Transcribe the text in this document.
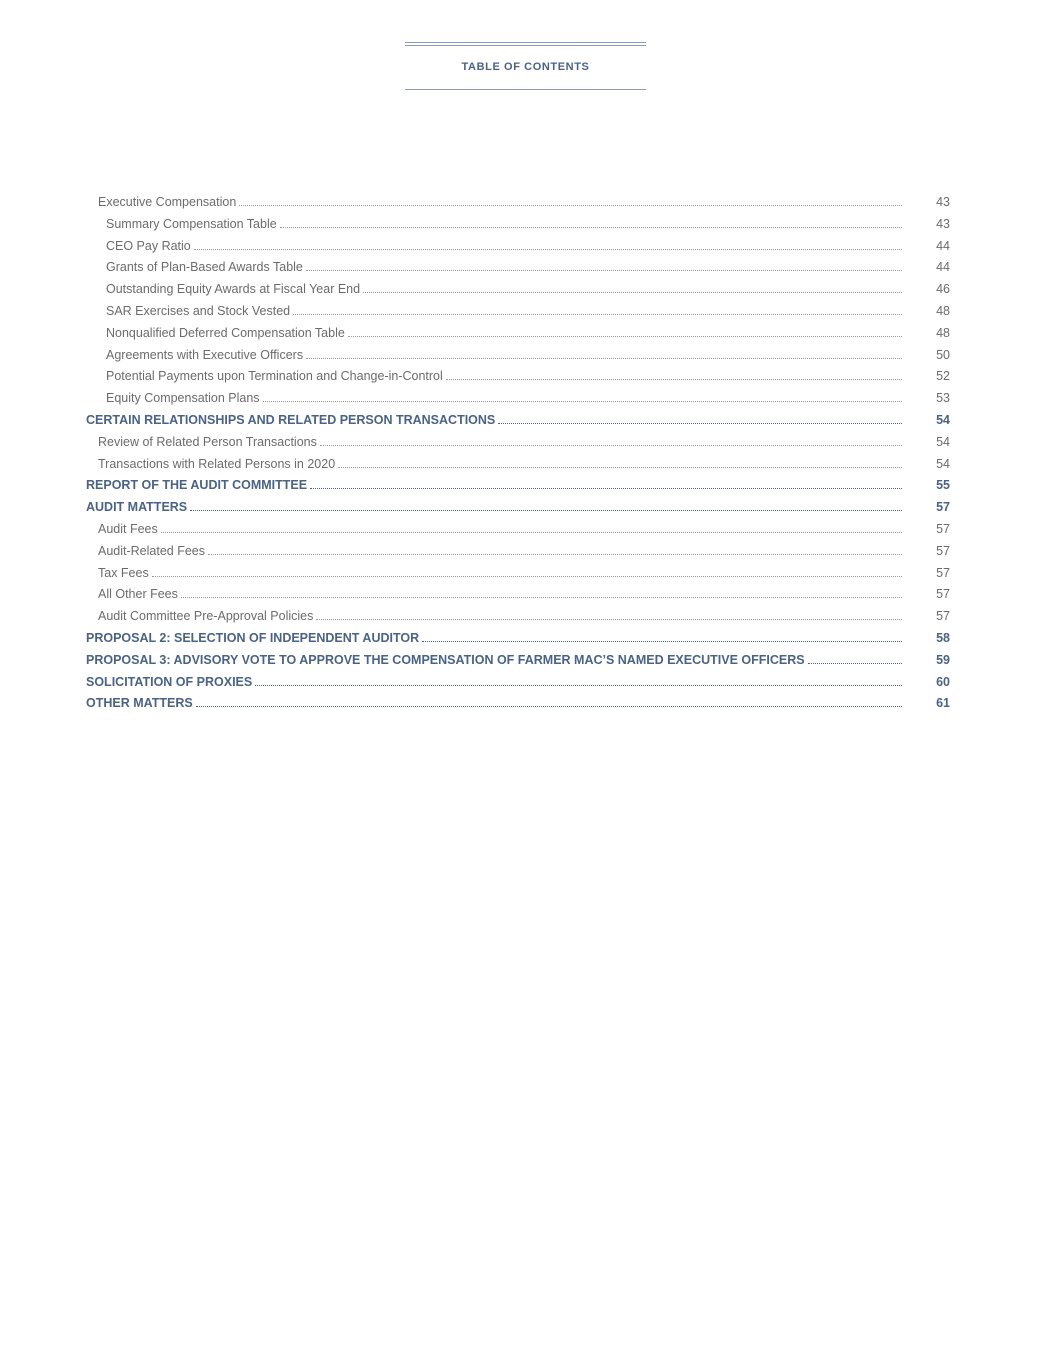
TABLE OF CONTENTS
Executive Compensation	43
Summary Compensation Table	43
CEO Pay Ratio	44
Grants of Plan-Based Awards Table	44
Outstanding Equity Awards at Fiscal Year End	46
SAR Exercises and Stock Vested	48
Nonqualified Deferred Compensation Table	48
Agreements with Executive Officers	50
Potential Payments upon Termination and Change-in-Control	52
Equity Compensation Plans	53
CERTAIN RELATIONSHIPS AND RELATED PERSON TRANSACTIONS	54
Review of Related Person Transactions	54
Transactions with Related Persons in 2020	54
REPORT OF THE AUDIT COMMITTEE	55
AUDIT MATTERS	57
Audit Fees	57
Audit-Related Fees	57
Tax Fees	57
All Other Fees	57
Audit Committee Pre-Approval Policies	57
PROPOSAL 2: SELECTION OF INDEPENDENT AUDITOR	58
PROPOSAL 3: ADVISORY VOTE TO APPROVE THE COMPENSATION OF FARMER MAC’S NAMED EXECUTIVE OFFICERS	59
SOLICITATION OF PROXIES	60
OTHER MATTERS	61
